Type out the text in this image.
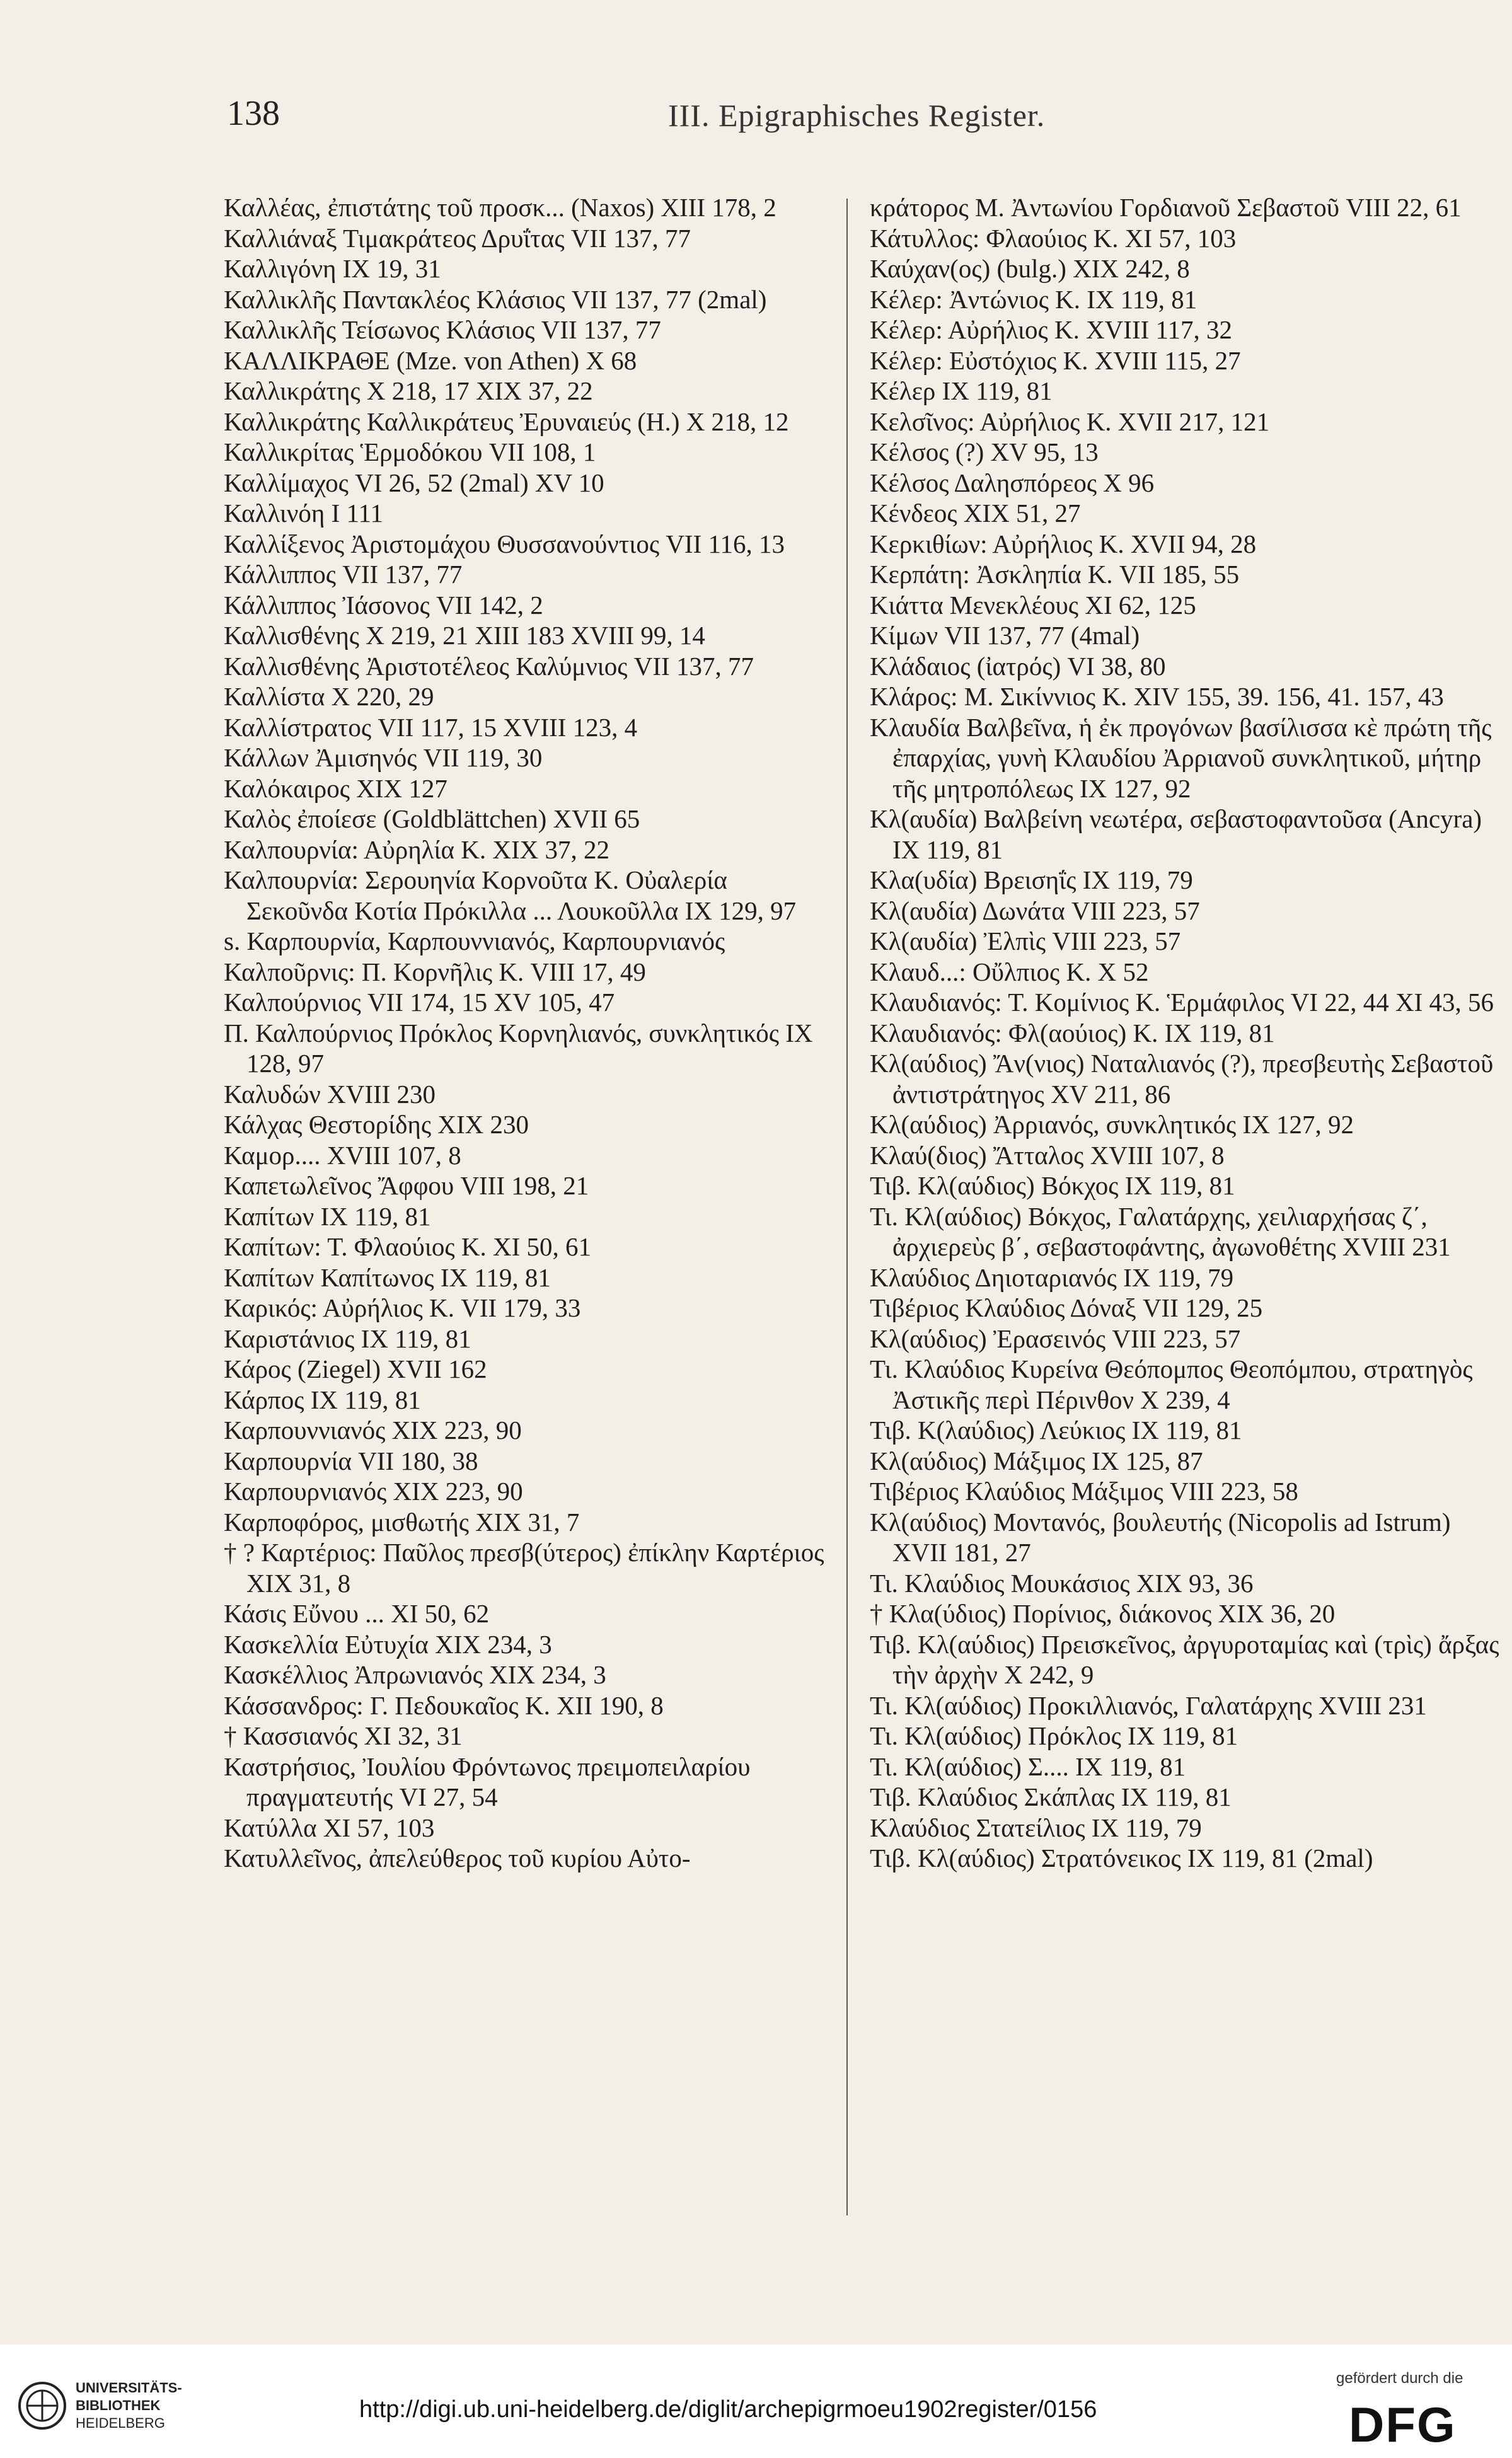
138	III. Epigraphisches Register.
Καλλέας, ἐπιστάτης τοῦ προσκ... (Naxos) XIII 178, 2
Καλλιάναξ Τιμακράτεος Δρυΐτας VII 137, 77
Καλλιγόνη IX 19, 31
Καλλικλῆς Παντακλέος Κλάσιος VII 137, 77 (2mal)
Καλλικλῆς Τείσωνος Κλάσιος VII 137, 77
ΚΑΛΛΙΚΡΑΘΕ (Mze. von Athen) X 68
Καλλικράτης X 218, 17 XIX 37, 22
Καλλικράτης Καλλικράτευς Ἐρυναιεύς (Η.) X 218, 12
Καλλικρίτας Ἑρμοδόκου VII 108, 1
Καλλίμαχος VI 26, 52 (2mal) XV 10
Καλλινόη I 111
Καλλίξενος Ἀριστομάχου Θυσσανούντιος VII 116, 13
Κάλλιππος VII 137, 77
Κάλλιππος Ἰάσονος VII 142, 2
Καλλισθένης X 219, 21 XIII 183 XVIII 99, 14
Καλλισθένης Ἀριστοτέλεος Καλύμνιος VII 137, 77
Καλλίστα X 220, 29
Καλλίστρατος VII 117, 15 XVIII 123, 4
Κάλλων Ἀμισηνός VII 119, 30
Καλόκαιρος XIX 127
Καλὸς ἐποίεσε (Goldblättchen) XVII 65
Καλπουρνία: Αὐρηλία Κ. XIX 37, 22
Καλπουρνία: Σερουηνία Κορνοῦτα Κ. Οὐαλερία Σεκοῦνδα Κοτία Πρόκιλλα ... Λουκοῦλλα IX 129, 97
s. Καρπουρνία, Καρπουννιανός, Καρπουρνιανός
Καλποῦρνις: Π. Κορνῆλις Κ. VIII 17, 49
Καλπούρνιος VII 174, 15 XV 105, 47
Π. Καλπούρνιος Πρόκλος Κορνηλιανός, συνκλητικός IX 128, 97
Καλυδών XVIII 230
Κάλχας Θεστορίδης XIX 230
Καμορ.... XVIII 107, 8
Καπετωλεῖνος Ἄφφου VIII 198, 21
Καπίτων IX 119, 81
Καπίτων: Τ. Φλαούιος Κ. XI 50, 61
Καπίτων Καπίτωνος IX 119, 81
Καρικός: Αὐρήλιος Κ. VII 179, 33
Καριστάνιος IX 119, 81
Κάρος (Ziegel) XVII 162
Κάρπος IX 119, 81
Καρπουννιανός XIX 223, 90
Καρπουρνία VII 180, 38
Καρπουρνιανός XIX 223, 90
Καρποφόρος, μισθωτής XIX 31, 7
† ? Καρτέριος: Παῦλος πρεσβ(ύτερος) ἐπίκλην Καρτέριος XIX 31, 8
Κάσις Εὔνου ... XI 50, 62
Κασκελλία Εὐτυχία XIX 234, 3
Κασκέλλιος Ἀπρωνιανός XIX 234, 3
Κάσσανδρος: Γ. Πεδουκαῖος Κ. XII 190, 8
† Κασσιανός XI 32, 31
Καστρήσιος, Ἰουλίου Φρόντωνος πρειμοπειλαρίου πραγματευτής VI 27, 54
Κατύλλα XI 57, 103
Κατυλλεῖνος, ἀπελεύθερος τοῦ κυρίου Αὐτο-
κράτορος Μ. Ἀντωνίου Γορδιανοῦ Σεβαστοῦ VIII 22, 61
Κάτυλλος: Φλαούιος Κ. XI 57, 103
Καύχαν(ος) (bulg.) XIX 242, 8
Κέλερ: Ἀντώνιος Κ. IX 119, 81
Κέλερ: Αὐρήλιος Κ. XVIII 117, 32
Κέλερ: Εὐστόχιος Κ. XVIII 115, 27
Κέλερ IX 119, 81
Κελσῖνος: Αὐρήλιος Κ. XVII 217, 121
Κέλσος (?) XV 95, 13
Κέλσος Δαλησπόρεος X 96
Κένδεος XIX 51, 27
Κερκιθίων: Αὐρήλιος Κ. XVII 94, 28
Κερπάτη: Ἀσκληπία Κ. VII 185, 55
Κιάττα Μενεκλέους XI 62, 125
Κίμων VII 137, 77 (4mal)
Κλάδαιος (ἰατρός) VI 38, 80
Κλάρος: Μ. Σικίννιος Κ. XIV 155, 39. 156, 41. 157, 43
Κλαυδία Βαλβεῖνα, ἡ ἐκ προγόνων βασίλισσα κὲ πρώτη τῆς ἐπαρχίας, γυνὴ Κλαυδίου Ἀρριανοῦ συνκλητικοῦ, μήτηρ τῆς μητροπόλεως IX 127, 92
Κλ(αυδία) Βαλβείνη νεωτέρα, σεβαστοφαντοῦσα (Ancyra) IX 119, 81
Κλα(υδία) Βρεισηΐς IX 119, 79
Κλ(αυδία) Δωνάτα VIII 223, 57
Κλ(αυδία) Ἐλπὶς VIII 223, 57
Κλαυδ...: Οὔλπιος Κ. X 52
Κλαυδιανός: Τ. Κομίνιος Κ. Ἑρμάφιλος VI 22, 44 XI 43, 56
Κλαυδιανός: Φλ(αούιος) Κ. IX 119, 81
Κλ(αύδιος) Ἄν(νιος) Ναταλιανός (?), πρεσβευτὴς Σεβαστοῦ ἀντιστράτηγος XV 211, 86
Κλ(αύδιος) Ἀρριανός, συνκλητικός IX 127, 92
Κλαύ(διος) Ἄτταλος XVIII 107, 8
Τιβ. Κλ(αύδιος) Βόκχος IX 119, 81
Τι. Κλ(αύδιος) Βόκχος, Γαλατάρχης, χειλιαρχήσας ζ΄, ἀρχιερεὺς β΄, σεβαστοφάντης, ἀγωνοθέτης XVIII 231
Κλαύδιος Δηιοταριανός IX 119, 79
Τιβέριος Κλαύδιος Δόναξ VII 129, 25
Κλ(αύδιος) Ἐρασεινός VIII 223, 57
Τι. Κλαύδιος Κυρείνα Θεόπομπος Θεοπόμπου, στρατηγὸς Ἀστικῆς περὶ Πέρινθον X 239, 4
Τιβ. Κ(λαύδιος) Λεύκιος IX 119, 81
Κλ(αύδιος) Μάξιμος IX 125, 87
Τιβέριος Κλαύδιος Μάξιμος VIII 223, 58
Κλ(αύδιος) Μοντανός, βουλευτής (Nicopolis ad Istrum) XVII 181, 27
Τι. Κλαύδιος Μουκάσιος XIX 93, 36
† Κλα(ύδιος) Πορίνιος, διάκονος XIX 36, 20
Τιβ. Κλ(αύδιος) Πρεισκεῖνος, ἀργυροταμίας καὶ (τρὶς) ἄρξας τὴν ἀρχὴν X 242, 9
Τι. Κλ(αύδιος) Προκιλλιανός, Γαλατάρχης XVIII 231
Τι. Κλ(αύδιος) Πρόκλος IX 119, 81
Τι. Κλ(αύδιος) Σ.... IX 119, 81
Τιβ. Κλαύδιος Σκάπλας IX 119, 81
Κλαύδιος Στατείλιος IX 119, 79
Τιβ. Κλ(αύδιος) Στρατόνεικος IX 119, 81 (2mal)
UNIVERSITÄTS-
BIBLIOTHEK
HEIDELBERG
http://digi.ub.uni-heidelberg.de/diglit/archepigrmoeu1902register/0156
gefördert durch die
DFG
